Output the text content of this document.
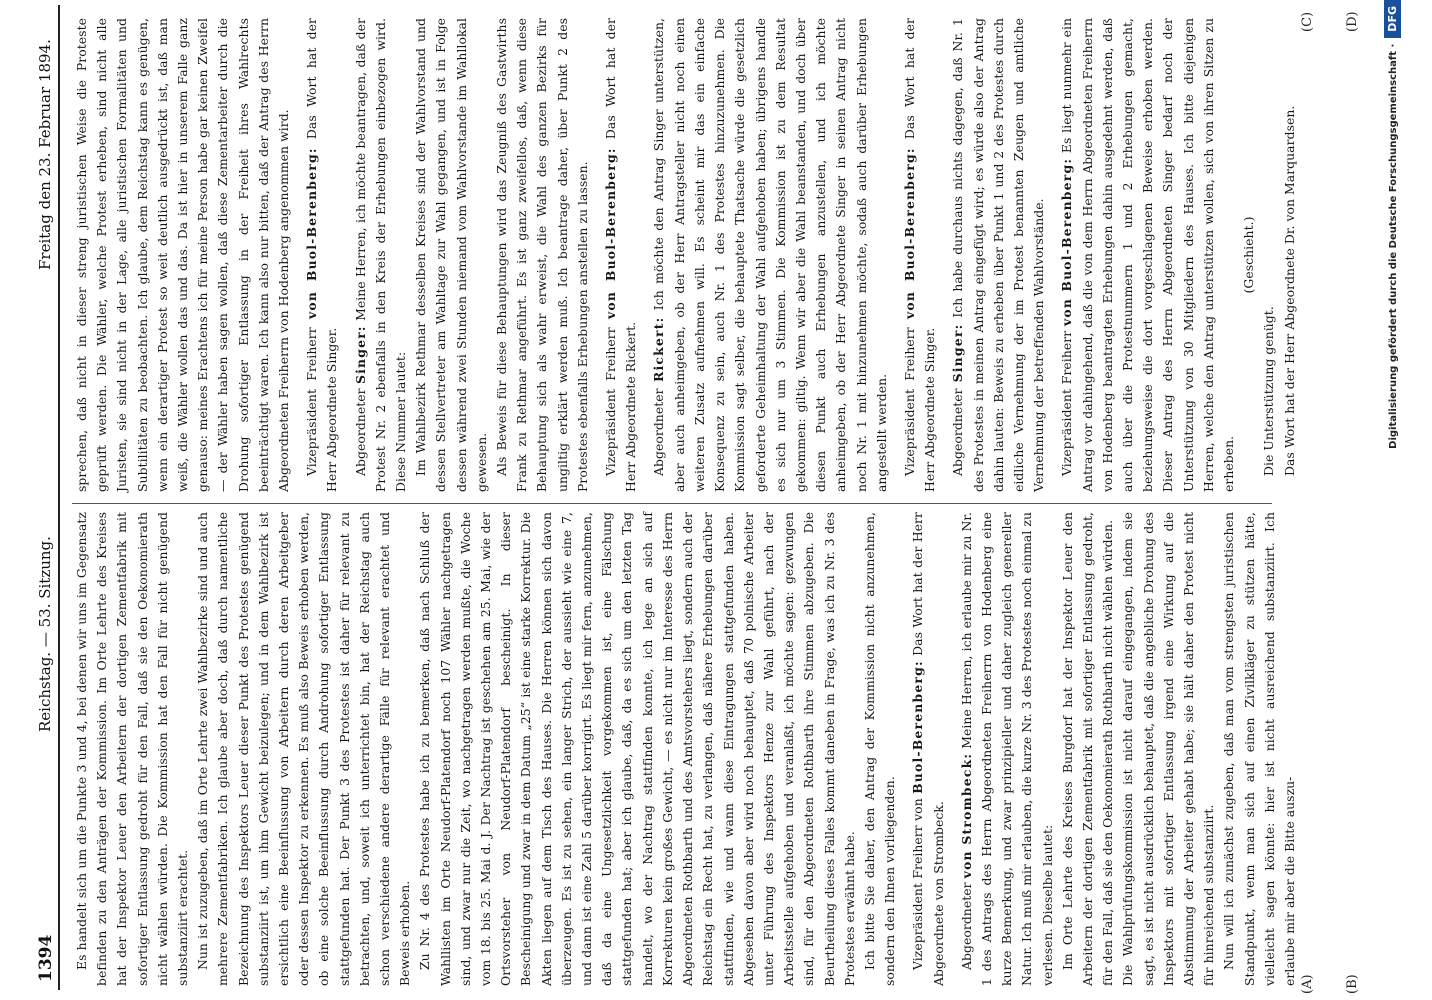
1394
Reichstag. — 53. Sitzung.
Freitag den 23. Februar 1894.

Es handelt sich um die Punkte 3 und 4, bei denen wir uns im Gegensatz befinden zu den Anträgen der Kommission. Im Orte Lehrte des Kreises hat der Inspektor Leuer den Arbeitern der dortigen Zementfabrik mit sofortiger Entlassung gedroht für den Fall, daß sie den Oekonomierath nicht wählen würden. Die Kommission hat den Fall für nicht genügend substanziirt erachtet. Nun ist zuzugeben, daß im Orte Lehrte zwei Wahlbezirke sind und auch mehrere Zementfabriken. Ich glaube aber doch, daß durch namentliche Bezeichnung des Inspektors Leuer dieser Punkt des Protestes genügend substanziirt ist, um ihm Gewicht beizulegen; und in dem Wahlbezirk ist ersichtlich eine Beeinflussung von Arbeitern durch deren Arbeitgeber oder dessen Inspektor zu erkennen. Es muß also Beweis erhoben werden, ob eine solche Beeinflussung durch Androhung sofortiger Entlassung stattgefunden hat. Der Punkt 3 des Protestes ist daher für relevant zu betrachten, und, soweit ich unterrichtet bin, hat der Reichstag auch schon verschiedene andere derartige Fälle für relevant erachtet und Beweis erhoben. Zu Nr. 4 des Protestes habe ich zu bemerken, daß nach Schluß der Wahllisten im Orte Neudorf-Platendorf noch 107 Wähler nachgetragen sind, und zwar nur die Zeit, wo nachgetragen werden mußte, die Woche vom 18. bis 25. Mai d. J. Der Nachtrag ist geschehen am 25. Mai, wie der Ortsvorsteher von Neudorf-Platendorf bescheinigt. In dieser Bescheinigung und zwar in dem Datum „25“ ist eine starke Korrektur. Die Akten liegen auf dem Tisch des Hauses. Die Herren können sich davon überzeugen. Es ist zu sehen, ein langer Strich, der aussieht wie eine 7, und dann ist eine Zahl 5 darüber korrigirt. Es liegt mir fern, anzunehmen, daß da eine Ungesetzlichkeit vorgekommen ist, eine Fälschung stattgefunden hat; aber ich glaube, daß, da es sich um den letzten Tag handelt, wo der Nachtrag stattfinden konnte, ich lege an sich auf Korrekturen kein großes Gewicht, — es nicht nur im Interesse des Herrn Abgeordneten Rothbarth und des Amtsvorstehers liegt, sondern auch der Reichstag ein Recht hat, zu verlangen, daß nähere Erhebungen darüber stattfinden, wie und wann diese Eintragungen stattgefunden haben. Abgesehen davon aber wird noch behauptet, daß 70 polnische Arbeiter unter Führung des Inspektors Henze zur Wahl geführt, nach der Arbeitsstelle aufgehoben und veranlaßt, ich möchte sagen: gezwungen sind, für den Abgeordneten Rothbarth ihre Stimmen abzugeben. Die Beurtheilung dieses Falles kommt daneben in Frage, was ich zu Nr. 3 des Protestes erwähnt habe. Ich bitte Sie daher, den Antrag der Kommission nicht anzunehmen, sondern den Ihnen vorliegenden. Vizepräsident Freiherr von Buol-Berenberg: Das Wort hat der Herr Abgeordnete von Strombeck. Abgeordneter von Strombeck: Meine Herren, ich erlaube mir zu Nr. 1 des Antrags des Herrn Abgeordneten Freiherrn von Hodenberg eine kurze Bemerkung, und zwar prinzipieller und daher zugleich genereller Natur. Ich muß mir erlauben, die kurze Nr. 3 des Protestes noch einmal zu verlesen. Dieselbe lautet: Im Orte Lehrte des Kreises Burgdorf hat der Inspektor Leuer den Arbeitern der dortigen Zementfabrik mit sofortiger Entlassung gedroht, für den Fall, daß sie den Oekonomierath Rothbarth nicht wählen würden. Die Wahlprüfungskommission ist nicht darauf eingegangen, indem sie sagt, es ist nicht ausdrücklich behauptet, daß die angebliche Drohung des Inspektors mit sofortiger Entlassung irgend eine Wirkung auf die Abstimmung der Arbeiter gehabt habe; sie hält daher den Protest nicht für hinreichend substanziirt. Nun will ich zunächst zugeben, daß man vom strengsten juristischen Standpunkt, wenn man sich auf einen Zivilkläger zu stützen hätte, vielleicht sagen könnte: hier ist nicht ausreichend substanziirt. Ich erlaube mir aber die Bitte auszu-

sprechen, daß nicht in dieser streng juristischen Weise die Proteste geprüft werden. Die Wähler, welche Protest erheben, sind nicht alle Juristen, sie sind nicht in der Lage, alle juristischen Formalitäten und Subtilitäten zu beobachten. Ich glaube, dem Reichstag kann es genügen, wenn ein derartiger Protest so weit deutlich ausgedrückt ist, daß man weiß, die Wähler wollen das und das. Da ist hier in unserem Falle ganz genauso: meines Erachtens ich für meine Person habe gar keinen Zweifel — der Wähler haben sagen wollen, daß diese Zementarbeiter durch die Drohung sofortiger Entlassung in der Freiheit ihres Wahlrechts beeinträchtigt waren. Ich kann also nur bitten, daß der Antrag des Herrn Abgeordneten Freiherrn von Hodenberg angenommen wird. Vizepräsident Freiherr von Buol-Berenberg: Das Wort hat der Herr Abgeordnete Singer. Abgeordneter Singer: Meine Herren, ich möchte beantragen, daß der Protest Nr. 2 ebenfalls in den Kreis der Erhebungen einbezogen wird. Diese Nummer lautet: Im Wahlbezirk Rethmar desselben Kreises sind der Wahlvorstand und dessen Stellvertreter am Wahltage zur Wahl gegangen, und ist in Folge dessen während zwei Stunden niemand vom Wahlvorstande im Wahllokal gewesen. Als Beweis für diese Behauptungen wird das Zeugniß des Gastwirths Frank zu Rethmar angeführt. Es ist ganz zweifellos, daß, wenn diese Behauptung sich als wahr erweist, die Wahl des ganzen Bezirks für ungiltig erklärt werden muß. Ich beantrage daher, über Punkt 2 des Protestes ebenfalls Erhebungen anstellen zu lassen. Vizepräsident Freiherr von Buol-Berenberg: Das Wort hat der Herr Abgeordnete Rickert. Abgeordneter Rickert: Ich möchte den Antrag Singer unterstützen, aber auch anheimgeben, ob der Herr Antragsteller nicht noch einen weiteren Zusatz aufnehmen will. Es scheint mir das ein einfache Konsequenz zu sein, auch Nr. 1 des Protestes hinzuzunehmen. Die Kommission sagt selber, die behauptete Thatsache würde die gesetzlich geforderte Geheimhaltung der Wahl aufgehoben haben; übrigens handle es sich nur um 3 Stimmen. Die Kommission ist zu dem Resultat gekommen: giltig. Wenn wir aber die Wahl beanstanden, und doch über diesen Punkt auch Erhebungen anzustellen, und ich möchte anheimgeben, ob der Herr Abgeordnete Singer in seinen Antrag nicht noch Nr. 1 mit hinzunehmen möchte, sodaß auch darüber Erhebungen angestellt werden. Vizepräsident Freiherr von Buol-Berenberg: Das Wort hat der Herr Abgeordnete Singer. Abgeordneter Singer: Ich habe durchaus nichts dagegen, daß Nr. 1 des Protestes in meinen Antrag eingefügt wird; es würde also der Antrag dahin lauten: Beweis zu erheben über Punkt 1 und 2 des Protestes durch eidliche Vernehmung der im Protest benannten Zeugen und amtliche Vernehmung der betreffenden Wahlvorstände. Vizepräsident Freiherr von Buol-Berenberg: Es liegt nunmehr ein Antrag vor dahingehend, daß die von dem Herrn Abgeordneten Freiherrn von Hodenberg beantragten Erhebungen dahin ausgedehnt werden, daß auch über die Protestnummern 1 und 2 Erhebungen gemacht, beziehungsweise die dort vorgeschlagenen Beweise erhoben werden. Dieser Antrag des Herrn Abgeordneten Singer bedarf noch der Unterstützung von 30 Mitgliedern des Hauses. Ich bitte diejenigen Herren, welche den Antrag unterstützen wollen, sich von ihren Sitzen zu erheben.

(Geschieht.)

Die Unterstützung genügt. Das Wort hat der Herr Abgeordnete Dr. von Marquardsen.

(A) (B)
(C) (D)
Digitalisierung gefördert durch die Deutsche Forschungsgemeinschaft ·DFG
